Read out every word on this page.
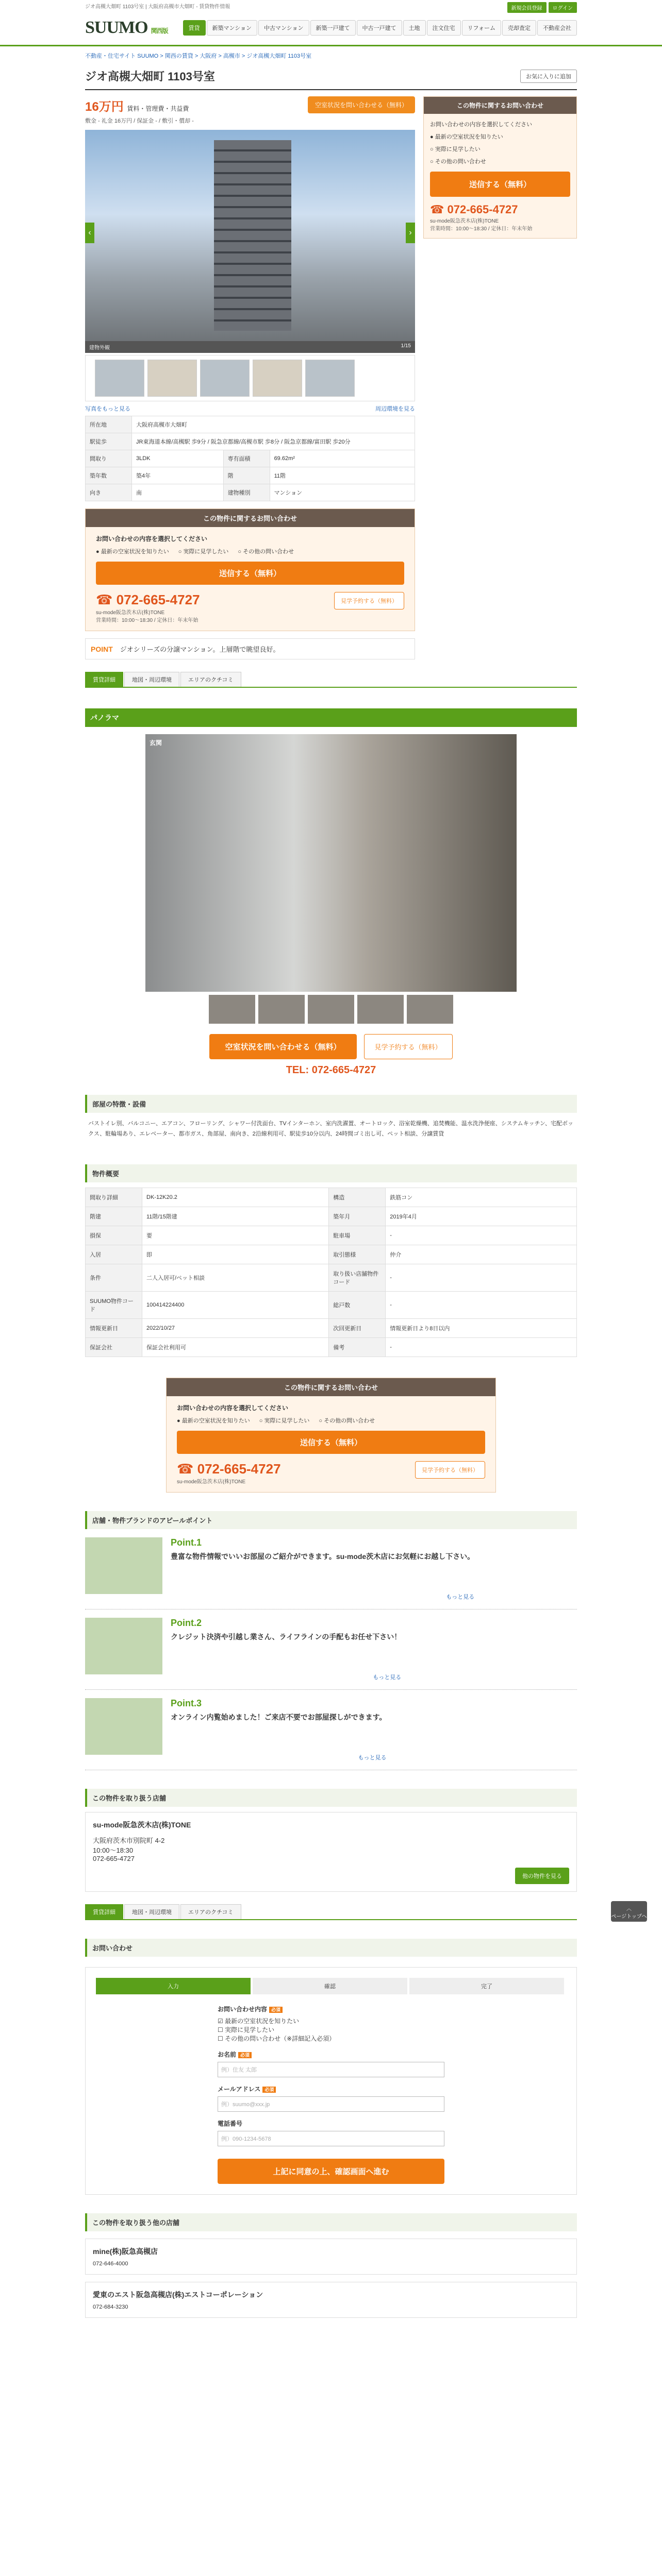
ジオ高槻大畑町 1103号室 | 大阪府高槻市大畑町 - 賃貸物件情報	新規会員登録	ログイン
SUUMO 関西版	賃貸	新築マンション	中古マンション	新築一戸建て	中古一戸建て	土地	注文住宅	リフォーム	売却査定	不動産会社
不動産・住宅サイト SUUMO > 関西の賃貸 > 大阪府 > 高槻市 > ジオ高槻大畑町 1103号室
ジオ高槻大畑町 1103号室	お気に入りに追加
空室状況を問い合わせる（無料）
16万円 賃料・管理費・共益費
敷金 - 礼金 16万円 / 保証金 - / 敷引・償却 -
‹	›
建物外観	1/15
写真をもっと見る	周辺環境を見る
所在地	大阪府高槻市大畑町		
駅徒歩	JR東海道本線/高槻駅 歩9分 / 阪急京都線/高槻市駅 歩8分 / 阪急京都線/富田駅 歩20分		
間取り	3LDK	専有面積	69.62m²
築年数	築4年	階	11階
向き	南	建物種別	マンション
この物件に関するお問い合わせ
お問い合わせの内容を選択してください
● 最新の空室状況を知りたい ○ 実際に見学したい ○ その他の問い合わせ
送信する（無料）
見学予約する（無料）
☎ 072-665-4727
su-mode阪急茨木店(株)TONE
営業時間：10:00〜18:30 / 定休日：年末年始
POINT ジオシリーズの分譲マンション。上層階で眺望良好。
この物件に関するお問い合わせ
お問い合わせの内容を選択してください
● 最新の空室状況を知りたい
○ 実際に見学したい
○ その他の問い合わせ
送信する（無料）
☎ 072-665-4727
su-mode阪急茨木店(株)TONE
営業時間：10:00〜18:30 / 定休日：年末年始
賃貸詳細	地図・周辺環境	エリアのクチコミ
パノラマ
玄関
空室状況を問い合わせる（無料）	見学予約する（無料）
TEL: 072-665-4727
部屋の特徴・設備
バストイレ別、バルコニー、エアコン、フローリング、シャワー付洗面台、TVインターホン、室内洗濯置、オートロック、浴室乾燥機、追焚機能、温水洗浄便座、システムキッチン、宅配ボックス、駐輪場あり、エレベーター、都市ガス、角部屋、南向き、2沿線利用可、駅徒歩10分以内、24時間ゴミ出し可、ペット相談、分譲賃貸
物件概要
間取り詳細	DK-12K20.2	構造	鉄筋コン
階建	11階/15階建	築年月	2019年4月
損保	要	駐車場	-
入居	即	取引態様	仲介
条件	二人入居可/ペット相談	取り扱い店舗物件コード	-
SUUMO物件コード	100414224400	総戸数	-
情報更新日	2022/10/27	次回更新日	情報更新日より8日以内
保証会社	保証会社利用可	備考	-
この物件に関するお問い合わせ
お問い合わせの内容を選択してください
● 最新の空室状況を知りたい ○ 実際に見学したい ○ その他の問い合わせ
送信する（無料）
見学予約する（無料）
☎ 072-665-4727
su-mode阪急茨木店(株)TONE
店舗・物件ブランドのアピールポイント
Point.1

豊富な物件情報でいいお部屋のご紹介ができます。su-mode茨木店にお気軽にお越し下さい。

もっと見る
Point.2

クレジット決済や引越し業さん、ライフラインの手配もお任せ下さい！

もっと見る
Point.3

オンライン内覧始めました！ご来店不要でお部屋探しができます。

もっと見る
この物件を取り扱う店舗
su-mode阪急茨木店(株)TONE
大阪府茨木市別院町 4-2
10:00〜18:30
072-665-4727
他の物件を見る
賃貸詳細	地図・周辺環境	エリアのクチコミ
お問い合わせ
入力	確認	完了
お問い合わせ内容 必須
☑ 最新の空室状況を知りたい
☐ 実際に見学したい
☐ その他の問い合わせ（※詳細記入必須）
お名前 必須
例）住友 太郎
メールアドレス 必須
例）suumo@xxx.jp
電話番号
例）090-1234-5678
上記に同意の上、確認画面へ進む
この物件を取り扱う他の店舗
mine(株)阪急高槻店
072-646-4000
愛東のエスト阪急高槻店(株)エストコーポレーション
072-684-3230
︿
ページトップへ
